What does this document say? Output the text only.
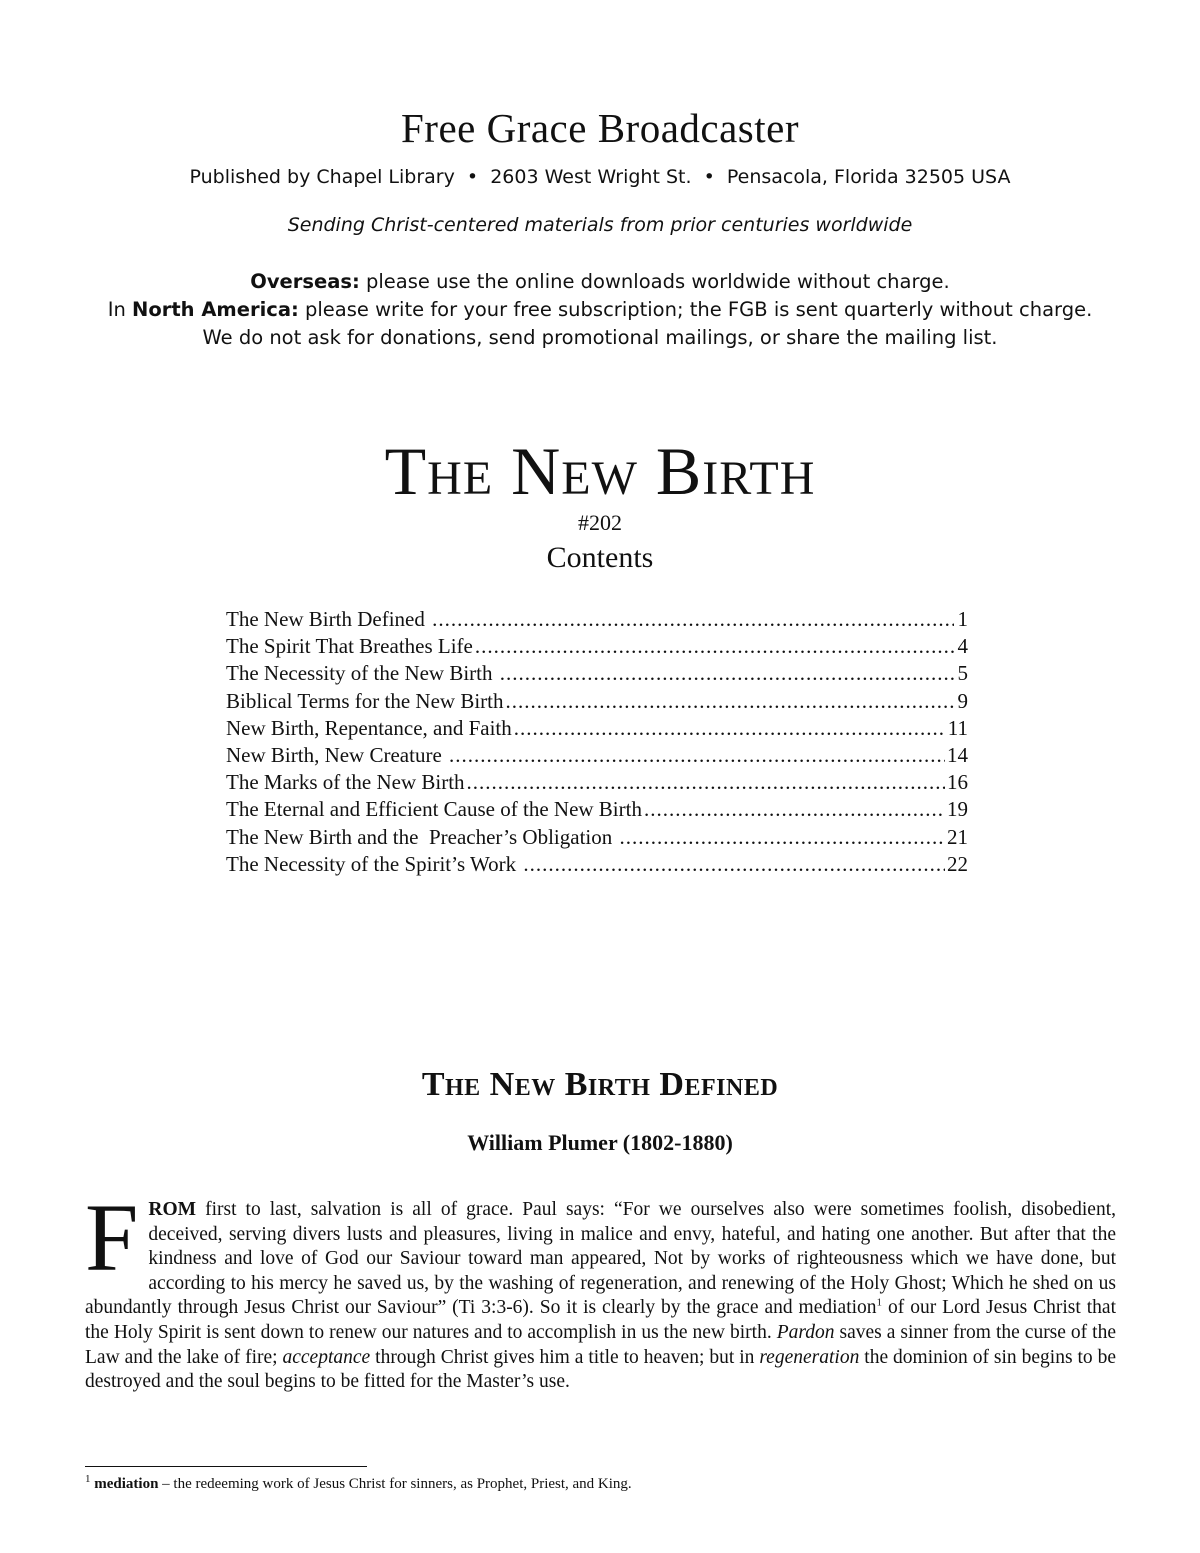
Free Grace Broadcaster
Published by Chapel Library  •  2603 West Wright St.  •  Pensacola, Florida 32505 USA
Sending Christ-centered materials from prior centuries worldwide
Overseas: please use the online downloads worldwide without charge.
In North America: please write for your free subscription; the FGB is sent quarterly without charge.
We do not ask for donations, send promotional mailings, or share the mailing list.
The New Birth
#202
Contents
The New Birth Defined .....	1
The Spirit That Breathes Life .....	4
The Necessity of the New Birth .....	5
Biblical Terms for the New Birth .....	9
New Birth, Repentance, and Faith .....	11
New Birth, New Creature .....	14
The Marks of the New Birth .....	16
The Eternal and Efficient Cause of the New Birth .....	19
The New Birth and the  Preacher’s Obligation .....	21
The Necessity of the Spirit’s Work .....	22
The New Birth Defined
William Plumer (1802-1880)
FROM first to last, salvation is all of grace. Paul says: “For we ourselves also were sometimes foolish, disobedient, deceived, serving divers lusts and pleasures, living in malice and envy, hateful, and hating one another. But after that the kindness and love of God our Saviour toward man appeared, Not by works of righteousness which we have done, but according to his mercy he saved us, by the washing of regeneration, and renewing of the Holy Ghost; Which he shed on us abundantly through Jesus Christ our Saviour” (Ti 3:3-6). So it is clearly by the grace and mediation$^1$ of our Lord Jesus Christ that the Holy Spirit is sent down to renew our natures and to accomplish in us the new birth. Pardon saves a sinner from the curse of the Law and the lake of fire; acceptance through Christ gives him a title to heaven; but in regeneration the dominion of sin begins to be destroyed and the soul begins to be fitted for the Master’s use.
$^1$ mediation – the redeeming work of Jesus Christ for sinners, as Prophet, Priest, and King.
